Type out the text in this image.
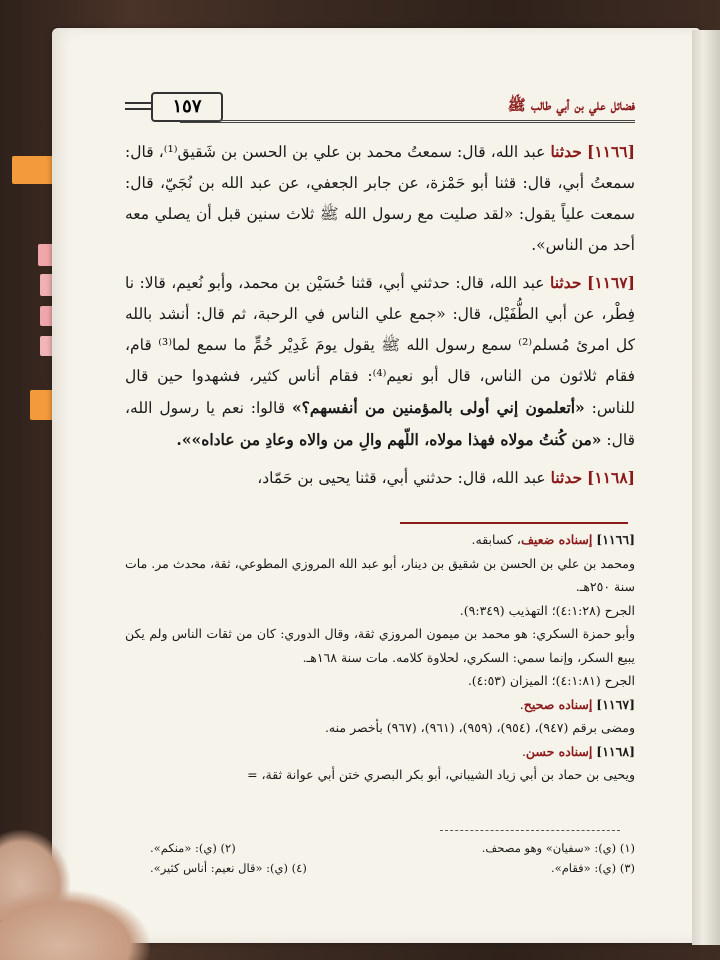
١٥٧	فضائل علي بن أبي طالب ﷺ

[١١٦٦] حدثنا عبد الله، قال: سمعتُ محمد بن علي بن الحسن بن شَقيق⁽¹⁾، قال: سمعتُ أبي، قال: قثنا أبو حَمْزة، عن جابر الجعفي، عن عبد الله بن نُجَيّ، قال: سمعت علياً يقول: «لقد صليت مع رسول الله ﷺ ثلاث سنين قبل أن يصلي معه أحد من الناس».

[١١٦٧] حدثنا عبد الله، قال: حدثني أبي، قثنا حُسَيْن بن محمد، وأبو نُعيم، قالا: نا فِطْر، عن أبي الطُّفَيْل، قال: «جمع علي الناس في الرحبة، ثم قال: أنشد بالله كل امرئ مُسلم⁽²⁾ سمع رسول الله ﷺ يقول يومَ غَدِيْر خُمٍّ ما سمع لما⁽³⁾ قام، فقام ثلاثون من الناس، قال أبو نعيم⁽⁴⁾: فقام أناس كثير، فشهدوا حين قال للناس: «أتعلمون إني أولى بالمؤمنين من أنفسهم؟» قالوا: نعم يا رسول الله، قال: «من كُنتُ مولاه فهذا مولاه، اللّهم والِ من والاه وعادِ من عاداه»».

[١١٦٨] حدثنا عبد الله، قال: حدثني أبي، قثنا يحيى بن حَمّاد،

[١١٦٦] إسناده ضعيف، كسابقه.
ومحمد بن علي بن الحسن بن شقيق بن دينار، أبو عبد الله المروزي المطوعي، ثقة، محدث مر. مات سنة ٢٥٠هـ.
الجرح (٤:١:٢٨)؛ التهذيب (٩:٣٤٩).
وأبو حمزة السكري: هو محمد بن ميمون المروزي ثقة، وقال الدوري: كان من ثقات الناس ولم يكن يبيع السكر، وإنما سمي: السكري، لحلاوة كلامه. مات سنة ١٦٨هـ.
الجرح (٤:١:٨١)؛ الميزان (٤:٥٣).
[١١٦٧] إسناده صحيح.
ومضى برقم (٩٤٧)، (٩٥٤)، (٩٥٩)، (٩٦١)، (٩٦٧) بأخصر منه.
[١١٦٨] إسناده حسن.
ويحيى بن حماد بن أبي زياد الشيباني، أبو بكر البصري ختن أبي عوانة ثقة، =
(١) (ي): «سفيان» وهو مصحف.
(٢) (ي): «منكم».
(٣) (ي): «فقام».
(٤) (ي): «قال نعيم: أناس كثير».
